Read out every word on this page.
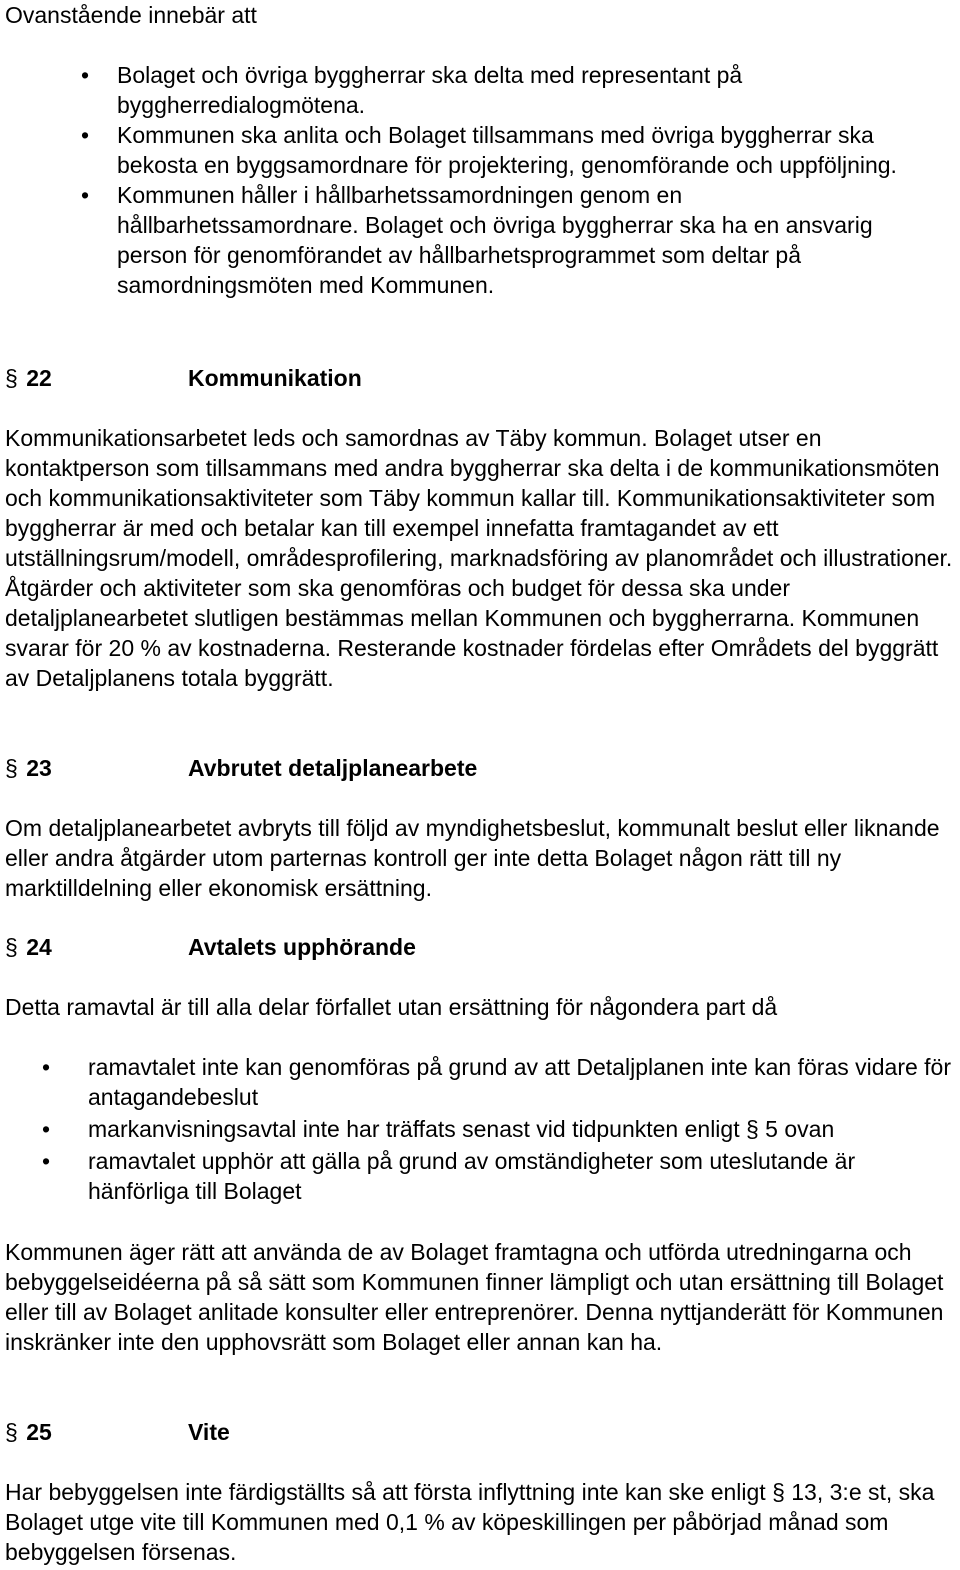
Ovanstående innebär att

• Bolaget och övriga byggherrar ska delta med representant på byggherredialogmötena.
• Kommunen ska anlita och Bolaget tillsammans med övriga byggherrar ska bekosta en byggsamordnare för projektering, genomförande och uppföljning.
• Kommunen håller i hållbarhetssamordningen genom en hållbarhetssamordnare. Bolaget och övriga byggherrar ska ha en ansvarig person för genomförandet av hållbarhetsprogrammet som deltar på samordningsmöten med Kommunen.
§ 22	Kommunikation

Kommunikationsarbetet leds och samordnas av Täby kommun. Bolaget utser en kontaktperson som tillsammans med andra byggherrar ska delta i de kommunikationsmöten och kommunikationsaktiviteter som Täby kommun kallar till. Kommunikationsaktiviteter som byggherrar är med och betalar kan till exempel innefatta framtagandet av ett utställningsrum/modell, områdesprofilering, marknadsföring av planområdet och illustrationer. Åtgärder och aktiviteter som ska genomföras och budget för dessa ska under detaljplanearbetet slutligen bestämmas mellan Kommunen och byggherrarna. Kommunen svarar för 20 % av kostnaderna. Resterande kostnader fördelas efter Områdets del byggrätt av Detaljplanens totala byggrätt.

§ 23	Avbrutet detaljplanearbete

Om detaljplanearbetet avbryts till följd av myndighetsbeslut, kommunalt beslut eller liknande eller andra åtgärder utom parternas kontroll ger inte detta Bolaget någon rätt till ny marktilldelning eller ekonomisk ersättning.

§ 24	Avtalets upphörande

Detta ramavtal är till alla delar förfallet utan ersättning för någondera part då

• ramavtalet inte kan genomföras på grund av att Detaljplanen inte kan föras vidare för antagandebeslut
• markanvisningsavtal inte har träffats senast vid tidpunkten enligt § 5 ovan
• ramavtalet upphör att gälla på grund av omständigheter som uteslutande är hänförliga till Bolaget

Kommunen äger rätt att använda de av Bolaget framtagna och utförda utredningarna och bebyggelseidéerna på så sätt som Kommunen finner lämpligt och utan ersättning till Bolaget eller till av Bolaget anlitade konsulter eller entreprenörer. Denna nyttjanderätt för Kommunen inskränker inte den upphovsrätt som Bolaget eller annan kan ha.

§ 25	Vite

Har bebyggelsen inte färdigställts så att första inflyttning inte kan ske enligt § 13, 3:e st, ska Bolaget utge vite till Kommunen med 0,1 % av köpeskillingen per påbörjad månad som bebyggelsen försenas.
